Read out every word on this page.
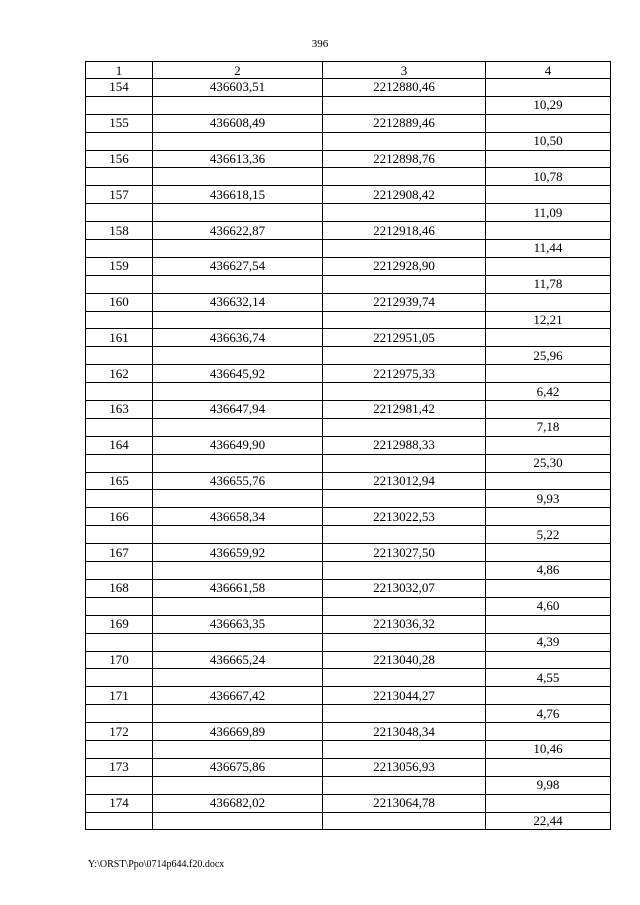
396
1	2	3	4
154	436603,51	2212880,46	
			10,29
155	436608,49	2212889,46	
			10,50
156	436613,36	2212898,76	
			10,78
157	436618,15	2212908,42	
			11,09
158	436622,87	2212918,46	
			11,44
159	436627,54	2212928,90	
			11,78
160	436632,14	2212939,74	
			12,21
161	436636,74	2212951,05	
			25,96
162	436645,92	2212975,33	
			6,42
163	436647,94	2212981,42	
			7,18
164	436649,90	2212988,33	
			25,30
165	436655,76	2213012,94	
			9,93
166	436658,34	2213022,53	
			5,22
167	436659,92	2213027,50	
			4,86
168	436661,58	2213032,07	
			4,60
169	436663,35	2213036,32	
			4,39
170	436665,24	2213040,28	
			4,55
171	436667,42	2213044,27	
			4,76
172	436669,89	2213048,34	
			10,46
173	436675,86	2213056,93	
			9,98
174	436682,02	2213064,78	
			22,44
Y:\ORST\Ppo\0714p644.f20.docx
